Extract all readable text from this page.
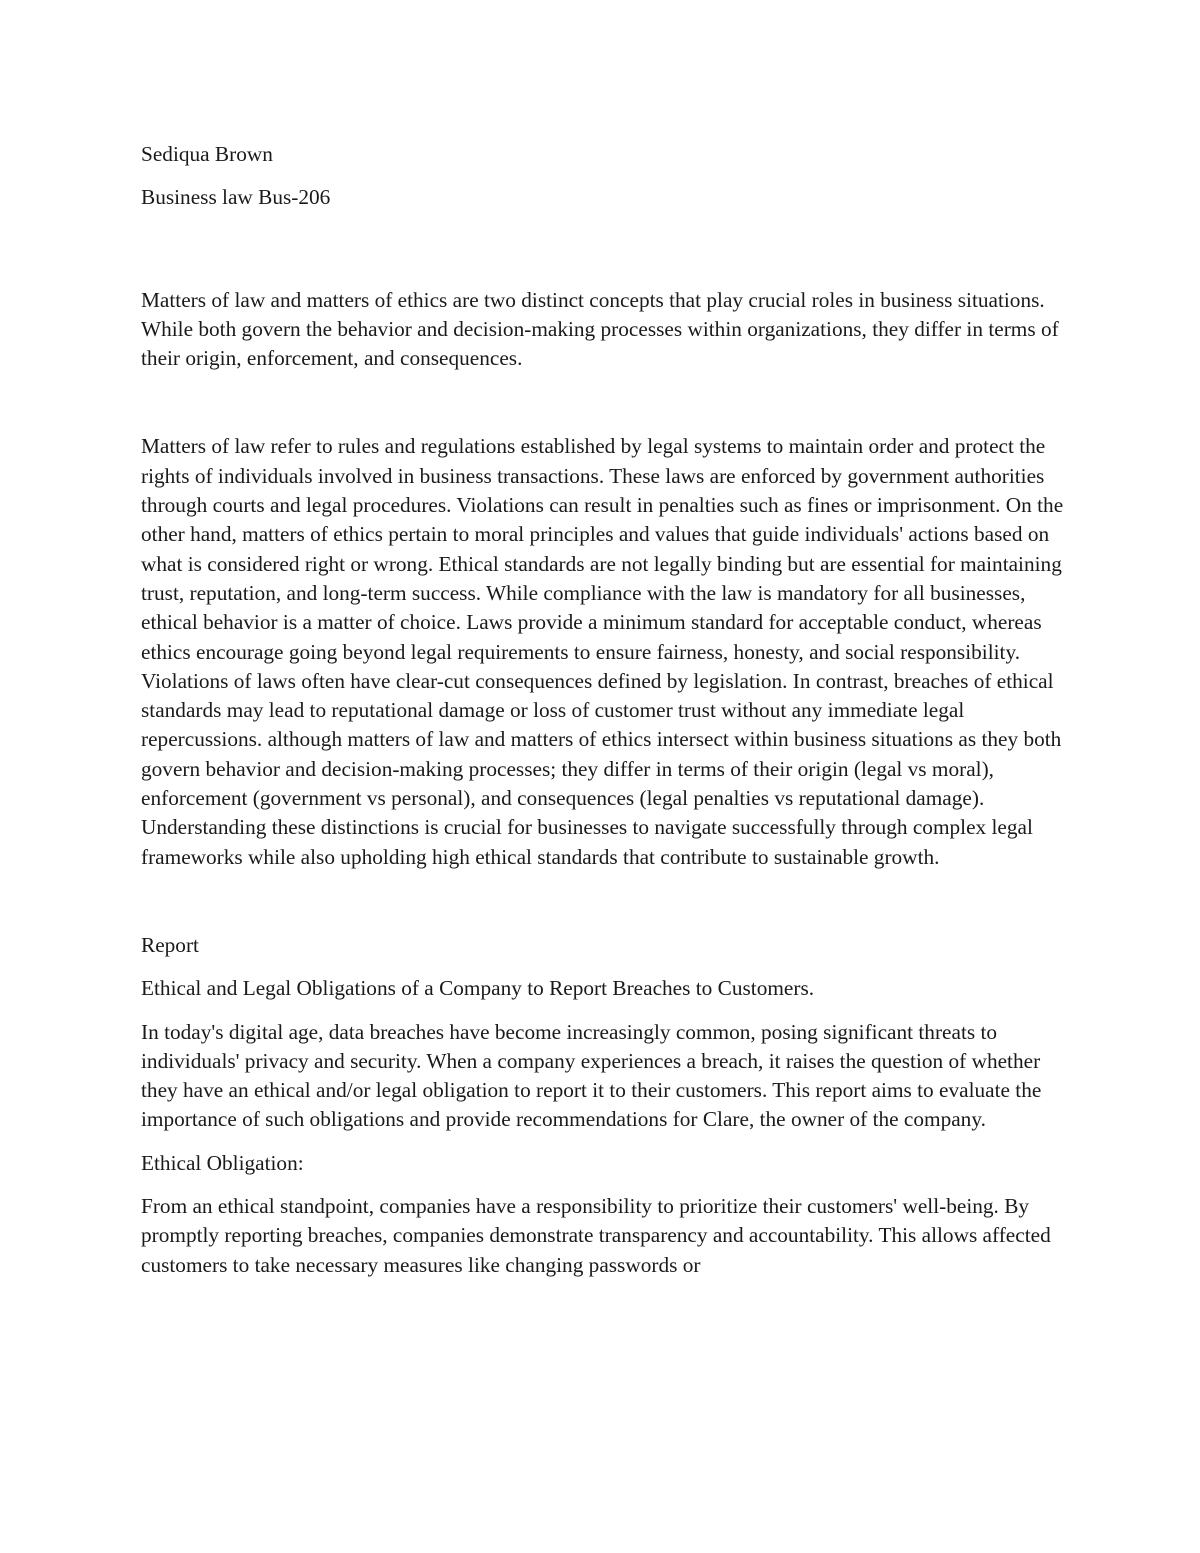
Sediqua Brown

Business law Bus-206

Matters of law and matters of ethics are two distinct concepts that play crucial roles in business situations. While both govern the behavior and decision-making processes within organizations, they differ in terms of their origin, enforcement, and consequences.

Matters of law refer to rules and regulations established by legal systems to maintain order and protect the rights of individuals involved in business transactions. These laws are enforced by government authorities through courts and legal procedures. Violations can result in penalties such as fines or imprisonment. On the other hand, matters of ethics pertain to moral principles and values that guide individuals' actions based on what is considered right or wrong. Ethical standards are not legally binding but are essential for maintaining trust, reputation, and long-term success. While compliance with the law is mandatory for all businesses, ethical behavior is a matter of choice. Laws provide a minimum standard for acceptable conduct, whereas ethics encourage going beyond legal requirements to ensure fairness, honesty, and social responsibility. Violations of laws often have clear-cut consequences defined by legislation. In contrast, breaches of ethical standards may lead to reputational damage or loss of customer trust without any immediate legal repercussions. although matters of law and matters of ethics intersect within business situations as they both govern behavior and decision-making processes; they differ in terms of their origin (legal vs moral), enforcement (government vs personal), and consequences (legal penalties vs reputational damage). Understanding these distinctions is crucial for businesses to navigate successfully through complex legal frameworks while also upholding high ethical standards that contribute to sustainable growth.

Report

Ethical and Legal Obligations of a Company to Report Breaches to Customers.

In today's digital age, data breaches have become increasingly common, posing significant threats to individuals' privacy and security. When a company experiences a breach, it raises the question of whether they have an ethical and/or legal obligation to report it to their customers. This report aims to evaluate the importance of such obligations and provide recommendations for Clare, the owner of the company.

Ethical Obligation:

From an ethical standpoint, companies have a responsibility to prioritize their customers' well-being. By promptly reporting breaches, companies demonstrate transparency and accountability. This allows affected customers to take necessary measures like changing passwords or
